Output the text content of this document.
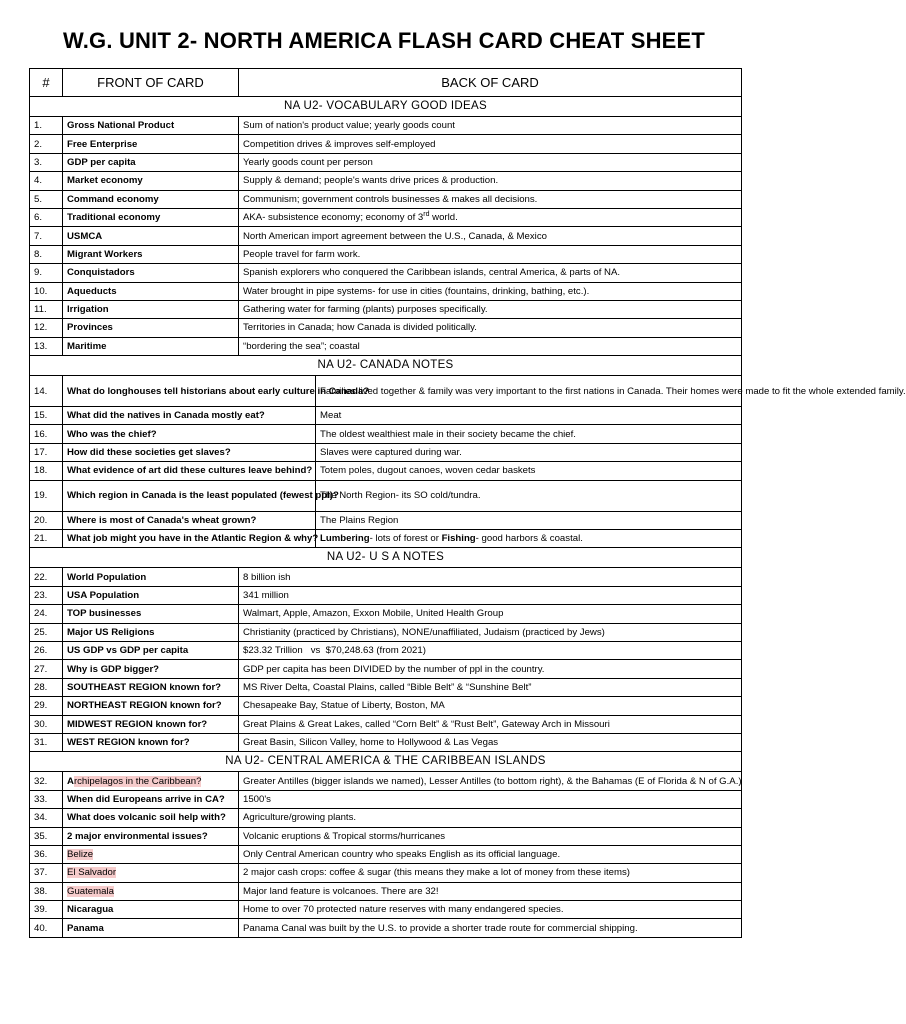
W.G. UNIT 2- NORTH AMERICA FLASH CARD CHEAT SHEET
#	FRONT OF CARD	BACK OF CARD	
NA U2- VOCABULARY GOOD IDEAS			
1.	Gross National Product	Sum of nation's product value; yearly goods count	
2.	Free Enterprise	Competition drives & improves self-employed	
3.	GDP per capita	Yearly goods count per person	
4.	Market economy	Supply & demand; people's wants drive prices & production.	
5.	Command economy	Communism; government controls businesses & makes all decisions.	
6.	Traditional economy	AKA- subsistence economy; economy of 3rd world.	
7.	USMCA	North American import agreement between the U.S., Canada, & Mexico	
8.	Migrant Workers	People travel for farm work.	
9.	Conquistadors	Spanish explorers who conquered the Caribbean islands, central America, & parts of NA.	
10.	Aqueducts	Water brought in pipe systems- for use in cities (fountains, drinking, bathing, etc.).	
11.	Irrigation	Gathering water for farming (plants) purposes specifically.	
12.	Provinces	Territories in Canada; how Canada is divided politically.	
13.	Maritime	“bordering the sea”; coastal	
NA U2- CANADA NOTES			
14.	What do longhouses tell historians about early culture in Canada?		Families lived together & family was very important to the first nations in Canada. Their homes were made to fit the whole extended family.
15.	What did the natives in Canada mostly eat?		Meat
16.	Who was the chief?		The oldest wealthiest male in their society became the chief.
17.	How did these societies get slaves?		Slaves were captured during war.
18.	What evidence of art did these cultures leave behind?		Totem poles, dugout canoes, woven cedar baskets
19.	Which region in Canada is the least populated (fewest ppl)?		The North Region- its SO cold/tundra.
20.	Where is most of Canada's wheat grown?		The Plains Region
21.	What job might you have in the Atlantic Region & why?		Lumbering- lots of forest or Fishing- good harbors & coastal.
NA U2- U S A NOTES			
22.	World Population	8 billion ish	
23.	USA Population	341 million	
24.	TOP businesses	Walmart, Apple, Amazon, Exxon Mobile, United Health Group	
25.	Major US Religions	Christianity (practiced by Christians), NONE/unaffiliated, Judaism (practiced by Jews)	
26.	US GDP vs GDP per capita	$23.32 Trillion   vs  $70,248.63 (from 2021)	
27.	Why is GDP bigger?	GDP per capita has been DIVIDED by the number of ppl in the country.	
28.	SOUTHEAST REGION known for?	MS River Delta, Coastal Plains, called “Bible Belt” & “Sunshine Belt”	
29.	NORTHEAST REGION known for?	Chesapeake Bay, Statue of Liberty, Boston, MA	
30.	MIDWEST REGION known for?	Great Plains & Great Lakes, called “Corn Belt” & “Rust Belt”, Gateway Arch in Missouri	
31.	WEST REGION known for?	Great Basin, Silicon Valley, home to Hollywood & Las Vegas	
NA U2- CENTRAL AMERICA & THE CARIBBEAN ISLANDS			
32.	Archipelagos in the Caribbean?	Greater Antilles (bigger islands we named), Lesser Antilles (to bottom right), & the Bahamas (E of Florida & N of G.A.)	
33.	When did Europeans arrive in CA?	1500's	
34.	What does volcanic soil help with?	Agriculture/growing plants.	
35.	2 major environmental issues?	Volcanic eruptions & Tropical storms/hurricanes	
36.	Belize	Only Central American country who speaks English as its official language.	
37.	El Salvador	2 major cash crops: coffee & sugar (this means they make a lot of money from these items)	
38.	Guatemala	Major land feature is volcanoes. There are 32!	
39.	Nicaragua	Home to over 70 protected nature reserves with many endangered species.	
40.	Panama	Panama Canal was built by the U.S. to provide a shorter trade route for commercial shipping.	
